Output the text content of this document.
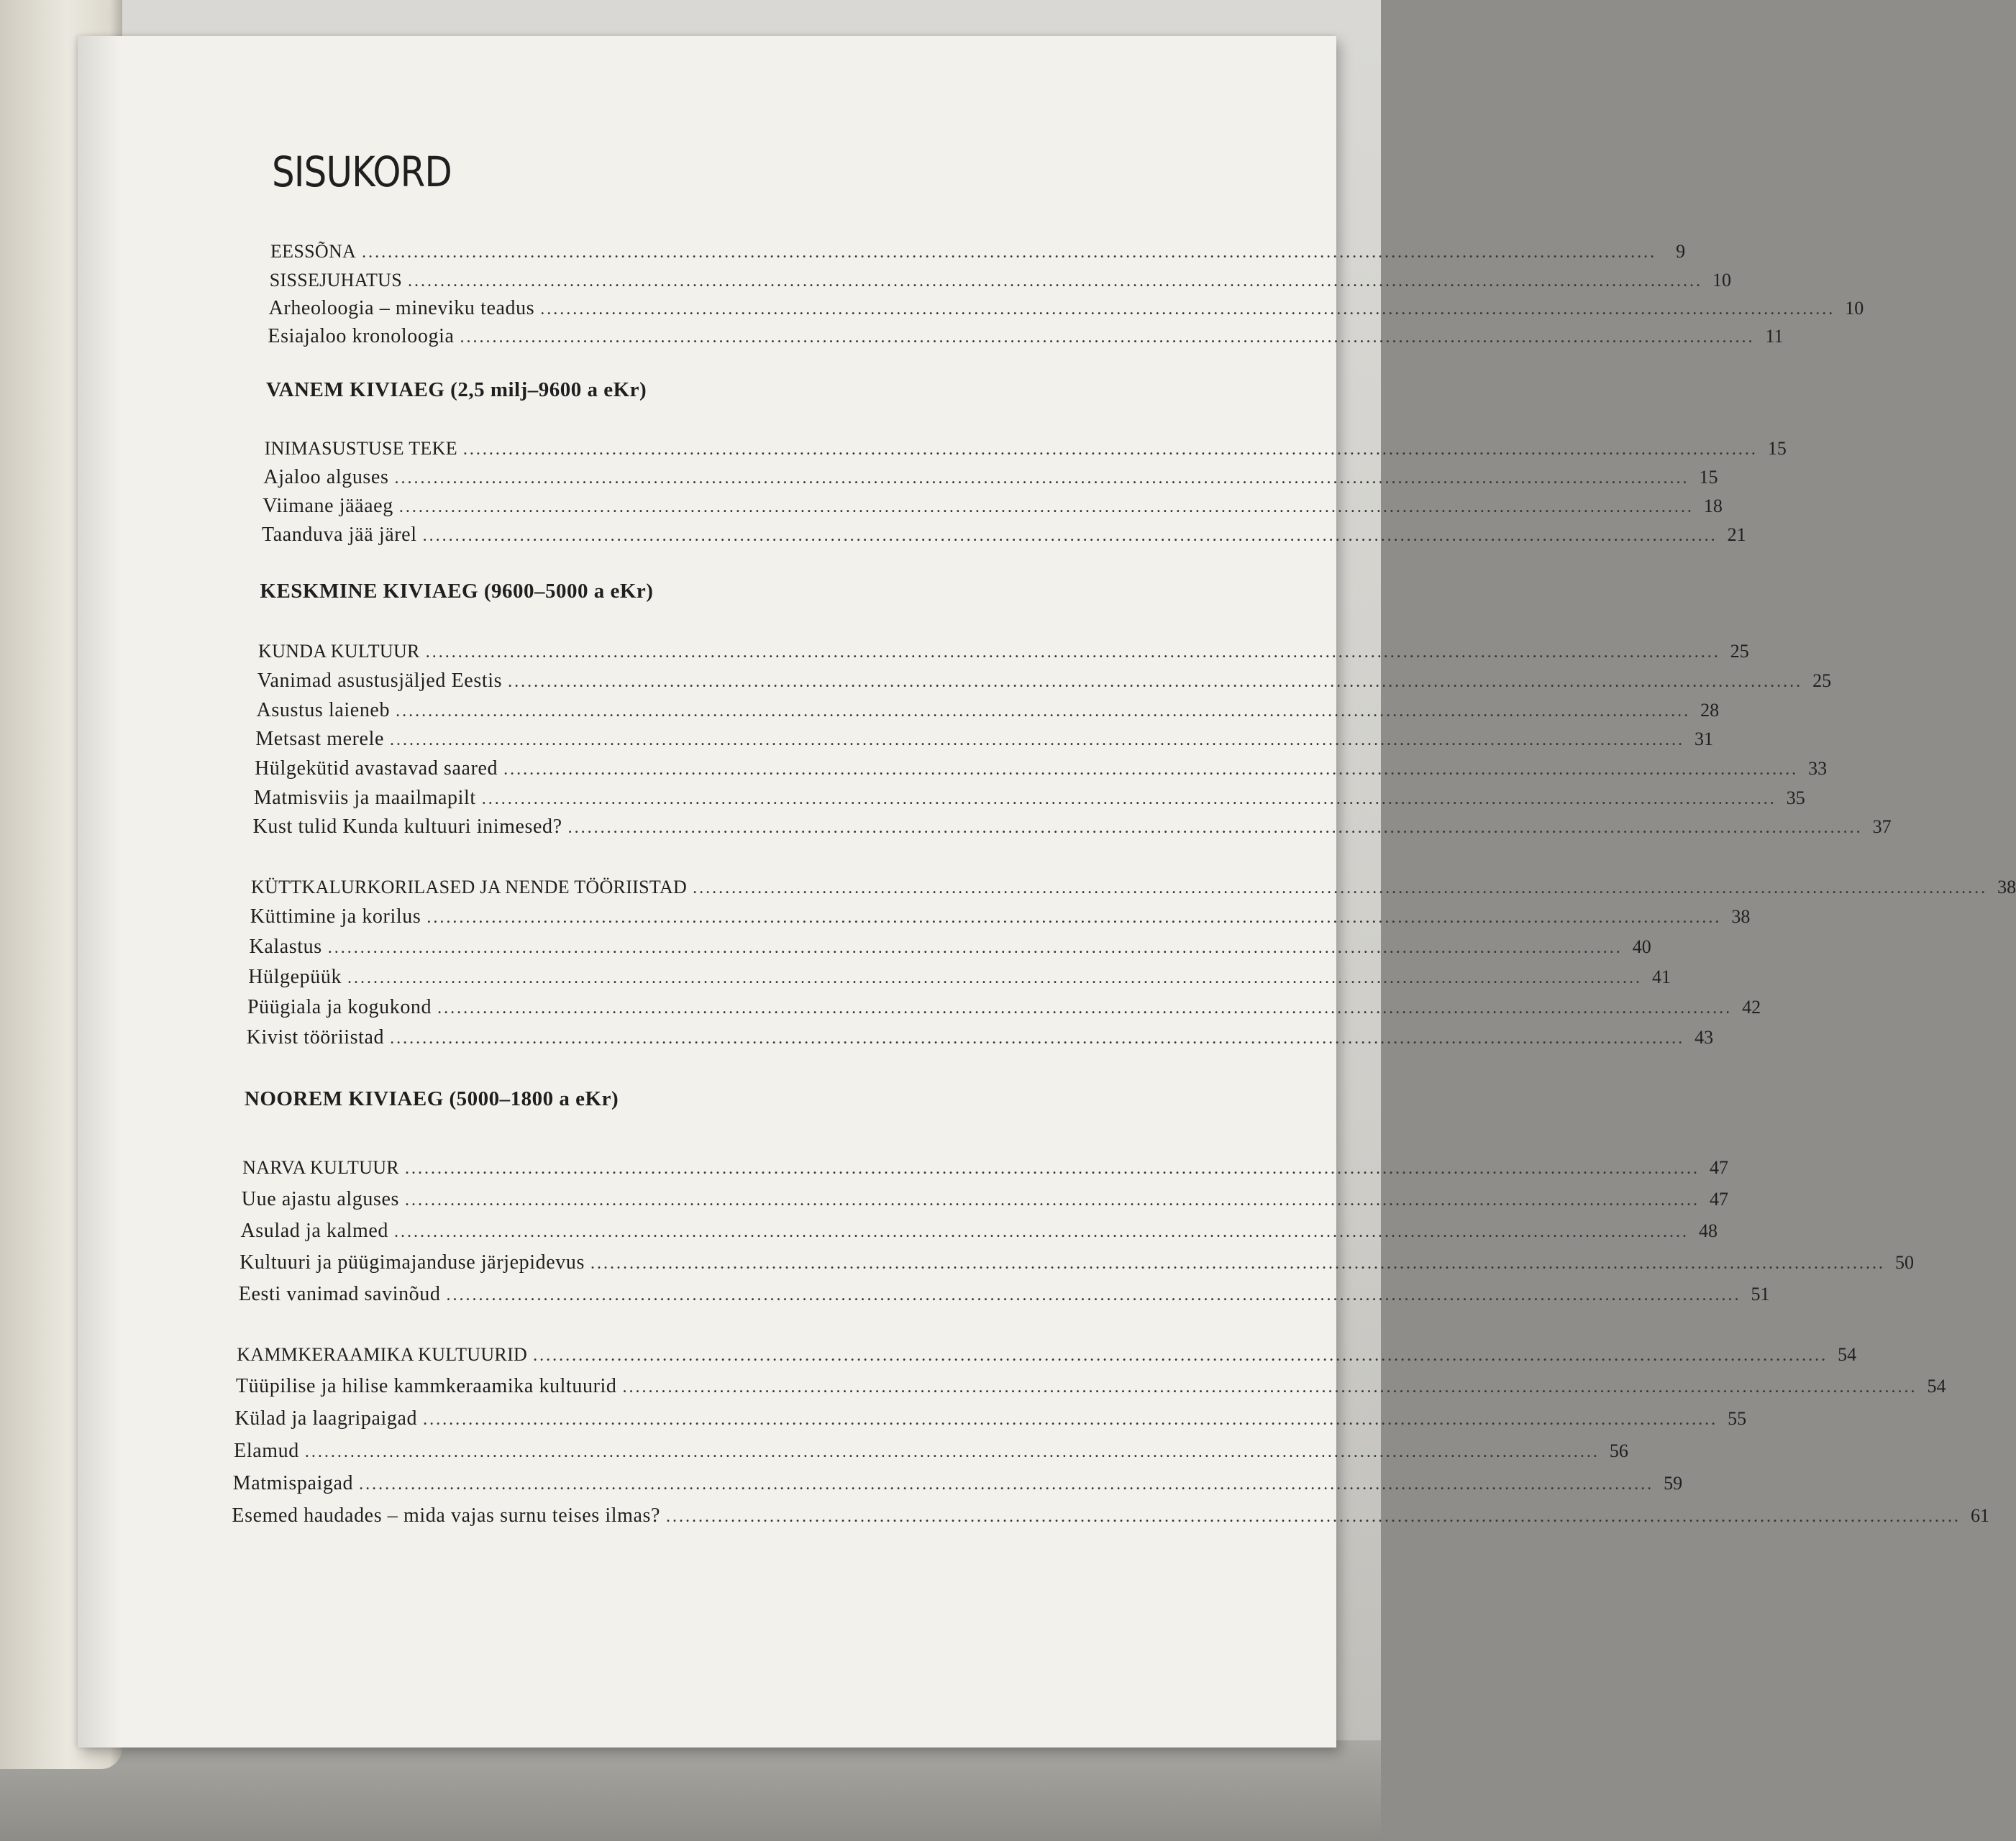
SISUKORD
EESSÕNA ........................................................................................................................................................................................................	9
SISSEJUHATUS ........................................................................................................................................................................................................ 10
Arheoloogia – mineviku teadus ........................................................................................................................................................................................................ 10
Esiajaloo kronoloogia ........................................................................................................................................................................................................ 11
VANEM KIVIAEG (2,5 milj–9600 a eKr)
INIMASUSTUSE TEKE ........................................................................................................................................................................................................ 15
Ajaloo alguses ........................................................................................................................................................................................................ 15
Viimane jääaeg ........................................................................................................................................................................................................ 18
Taanduva jää järel ........................................................................................................................................................................................................ 21
KESKMINE KIVIAEG (9600–5000 a eKr)
KUNDA KULTUUR ........................................................................................................................................................................................................ 25
Vanimad asustusjäljed Eestis ........................................................................................................................................................................................................ 25
Asustus laieneb ........................................................................................................................................................................................................ 28
Metsast merele ........................................................................................................................................................................................................ 31
Hülgekütid avastavad saared ........................................................................................................................................................................................................ 33
Matmisviis ja maailmapilt ........................................................................................................................................................................................................ 35
Kust tulid Kunda kultuuri inimesed? ........................................................................................................................................................................................................ 37
KÜTTKALURKORILASED JA NENDE TÖÖRIISTAD ........................................................................................................................................................................................................ 38
Küttimine ja korilus ........................................................................................................................................................................................................ 38
Kalastus ........................................................................................................................................................................................................ 40
Hülgepüük ........................................................................................................................................................................................................ 41
Püügiala ja kogukond ........................................................................................................................................................................................................ 42
Kivist tööriistad ........................................................................................................................................................................................................ 43
NOOREM KIVIAEG (5000–1800 a eKr)
NARVA KULTUUR ........................................................................................................................................................................................................ 47
Uue ajastu alguses ........................................................................................................................................................................................................ 47
Asulad ja kalmed ........................................................................................................................................................................................................ 48
Kultuuri ja püügimajanduse järjepidevus ........................................................................................................................................................................................................ 50
Eesti vanimad savinõud ........................................................................................................................................................................................................ 51
KAMMKERAAMIKA KULTUURID ........................................................................................................................................................................................................ 54
Tüüpilise ja hilise kammkeraamika kultuurid ........................................................................................................................................................................................................ 54
Külad ja laagripaigad ........................................................................................................................................................................................................ 55
Elamud ........................................................................................................................................................................................................ 56
Matmispaigad ........................................................................................................................................................................................................ 59
Esemed haudades – mida vajas surnu teises ilmas? ........................................................................................................................................................................................................ 61
